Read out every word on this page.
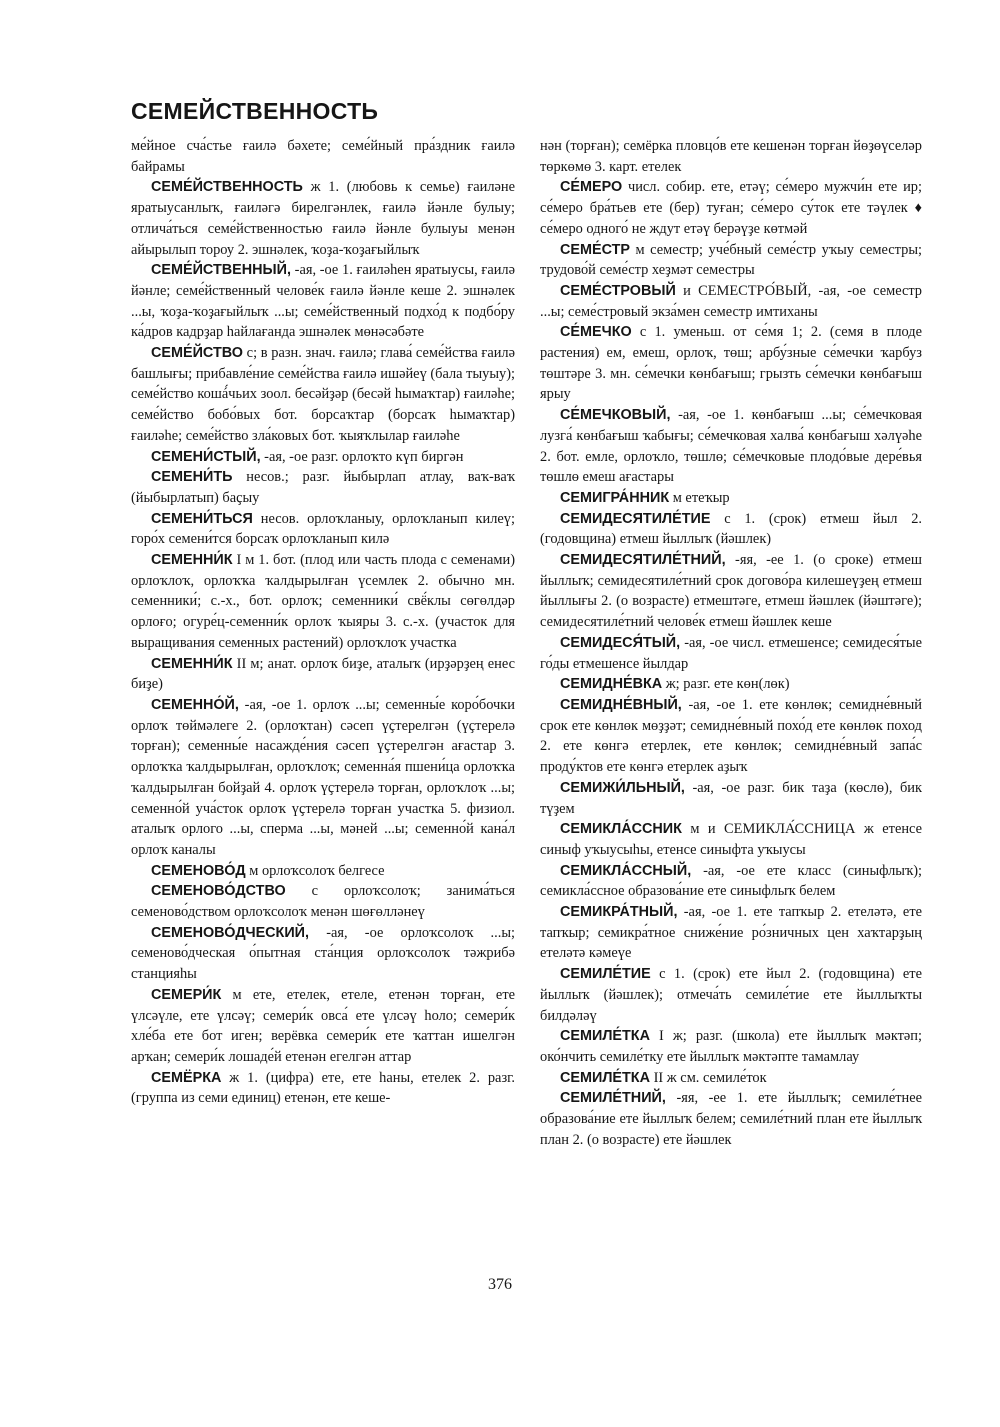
СЕМЕЙСТВЕННОСТЬ

ме́йное сча́стье ғаилә бәхете; семе́йный пра́здник ғаилә байрамы

СЕМЕ́ЙСТВЕННОСТЬ ж 1. (любовь к семье) ғаиләне яратыусанлыҡ, ғаиләгә бирелгәнлек, ғаилә йәнле булыу; отлича́ться семе́йственностью ғаилә йәнле булыуы менән айырылып тороу 2. эшнәлек, ҡоҙа-ҡоҙағыйлыҡ

СЕМЕ́ЙСТВЕННЫЙ, -ая, -ое 1. ғаиләһен яратыусы, ғаилә йәнле; семе́йственный челове́к ғаилә йәнле кеше 2. эшнәлек ...ы, ҡоҙа-ҡоҙағыйлыҡ ...ы; семе́йственный подхо́д к подбо́ру ка́дров кадрҙар һайлағанда эшнәлек мөнәсәбәте

СЕМЕ́ЙСТВО с; в разн. знач. ғаилә; глава́ семе́йства ғаилә башлығы; прибавле́ние семе́йства ғаилә ишәйеү (бала тыуыу); семе́йство кошá́чьих зоол. бесәйҙәр (бесәй һымаҡтар) ғаиләһе; семе́йство бобо́вых бот. борсаҡтар (борсаҡ һымаҡтар) ғаиләһе; семе́йство зла́ковых бот. ҡыяҡлылар ғаиләһе

СЕМЕНИ́СТЫЙ, -ая, -ое разг. орлоҡто күп биргән

СЕМЕНИ́ТЬ несов.; разг. йыбырлап атлау, ваҡ-ваҡ (йыбырлатып) баҫыу

СЕМЕНИ́ТЬСЯ несов. орлоҡланыу, орлоҡланып килеү; горо́х семени́тся борсаҡ орлоҡланып килә

СЕМЕННИ́К I м 1. бот. (плод или часть плода с семенами) орлоҡлоҡ, орлоҡҡа ҡалдырылған үсемлек 2. обычно мн. семенники́; с.-х., бот. орлоҡ; семенники́ свё́клы сөгөлдәр орлоғо; огуре́ц-семенни́к орлоҡ ҡыяры 3. с.-х. (участок для выращивания семенных растений) орлоҡлоҡ участка

СЕМЕННИ́К II м; анат. орлоҡ биҙе, аталыҡ (ирҙәрҙең енес биҙе)

СЕМЕННО́Й, -ая, -ое 1. орлоҡ ...ы; семенны́е коро́бочки орлоҡ төймәлеге 2. (орлоҡтан) сәсеп үҫтерелгән (үҫтерелә торған); семенны́е насажде́ния сәсеп үҫтерелгән ағастар 3. орлоҡҡа ҡалдырылған, орлоҡлоҡ; семенна́я пшени́ца орлоҡҡа ҡалдырылған бойҙай 4. орлоҡ үҫтерелә торған, орлоҡлоҡ ...ы; семенно́й уча́сток орлоҡ үҫтерелә торған участка 5. физиол. аталыҡ орлого ...ы, сперма ...ы, мәней ...ы; семенно́й кана́л орлоҡ каналы

СЕМЕНОВО́Д м орлоҡсолоҡ белгесе

СЕМЕНОВО́ДСТВО с орлоҡсолоҡ; занима́ться семеново́дством орлоҡсолоҡ менән шөғөлләнеү

СЕМЕНОВО́ДЧЕСКИЙ, -ая, -ое орлоҡсолоҡ ...ы; семеново́дческая о́пытная ста́нция орлоҡсолоҡ тәжрибә станцияһы

СЕМЕРИ́К м ете, етелек, етеле, етенән торған, ете үлсәүле, ете үлсәү; семери́к овса́ ете үлсәү һоло; семери́к хле́ба ете бот иген; верёвка семери́к ете ҡаттан ишелгән арҡан; семери́к лошаде́й етенән егелгән аттар

СЕМЁРКА ж 1. (цифра) ете, ете һаны, етелек 2. разг. (группа из семи единиц) етенән, ете кеше-

нән (торған); семёрка пловцо́в ете кешенән торған йөҙөүселәр төркөмө 3. карт. етелек

СЕ́МЕРО числ. собир. ете, етәү; се́меро мужчи́н ете ир; се́меро бра́тьев ете (бер) туған; се́меро су́ток ете тәүлек ♦ се́меро одного́ не ждут етәү берәүҙе көтмәй

СЕМЕ́СТР м семестр; уче́бный семе́стр уҡыу семестры; трудово́й семе́стр хеҙмәт семестры

СЕМЕ́СТРОВЫЙ и СЕМЕСТРО́ВЫЙ, -ая, -ое семестр ...ы; семе́стровый экза́мен семестр имтиханы

СЕ́МЕЧКО с 1. уменьш. от се́мя 1; 2. (семя в плоде растения) ем, емеш, орлоҡ, төш; арбу́зные се́мечки ҡарбуз төштәре 3. мн. се́мечки көнбағыш; грызть се́мечки көнбағыш ярыу

СЕ́МЕЧКОВЫЙ, -ая, -ое 1. көнбағыш ...ы; се́мечковая лузга́ көнбағыш ҡабығы; се́мечковая халва́ көнбағыш хәлүәһе 2. бот. емле, орлоҡло, төшлө; се́мечковые плодо́вые дере́вья төшлө емеш ағастары

СЕМИГРА́ННИК м етеҡыр

СЕМИДЕСЯТИЛЕ́ТИЕ с 1. (срок) етмеш йыл 2. (годовщина) етмеш йыллыҡ (йәшлек)

СЕМИДЕСЯТИЛЕ́ТНИЙ, -яя, -ее 1. (о сроке) етмеш йыллыҡ; семидесятиле́тний срок догово́ра килешеүҙең етмеш йыллығы 2. (о возрасте) етмештәге, етмеш йәшлек (йәштәге); семидесятиле́тний челове́к етмеш йәшлек кеше

СЕМИДЕСЯ́ТЫЙ, -ая, -ое числ. етмешенсе; семидеся́тые го́ды етмешенсе йылдар

СЕМИДНЕ́ВКА ж; разг. ете көн(лөк)

СЕМИДНЕ́ВНЫЙ, -ая, -ое 1. ете көнлөк; семидне́вный срок ете көнлөк мөҙҙәт; семидне́вный похо́д ете көнлөк поход 2. ете көнгә етерлек, ете көнлөк; семидне́вный запа́с проду́ктов ете көнгә етерлек аҙыҡ

СЕМИЖИ́ЛЬНЫЙ, -ая, -ое разг. бик таҙа (көслө), бик түҙем

СЕМИКЛА́ССНИК м и СЕМИКЛА́ССНИЦА ж етенсе синыф уҡыусыһы, етенсе синыфта уҡыусы

СЕМИКЛА́ССНЫЙ, -ая, -ое ете класс (синыфлыҡ); семикла́ссное образова́ние ете синыфлыҡ белем

СЕМИКРА́ТНЫЙ, -ая, -ое 1. ете тапҡыр 2. етеләтә, ете тапҡыр; семикра́тное сниже́ние ро́зничных цен хаҡтарҙың етеләтә кәмеүе

СЕМИЛЕ́ТИЕ с 1. (срок) ете йыл 2. (годовщина) ете йыллыҡ (йәшлек); отмеча́ть семиле́тие ете йыллыҡты билдәләү

СЕМИЛЕ́ТКА I ж; разг. (школа) ете йыллыҡ мәктәп; око́нчить семиле́тку ете йыллыҡ мәктәпте тамамлау

СЕМИЛЕ́ТКА II ж см. семиле́ток

СЕМИЛЕ́ТНИЙ, -яя, -ее 1. ете йыллыҡ; семиле́тнее образова́ние ете йыллыҡ белем; семиле́тний план ете йыллыҡ план 2. (о возрасте) ете йәшлек

376
